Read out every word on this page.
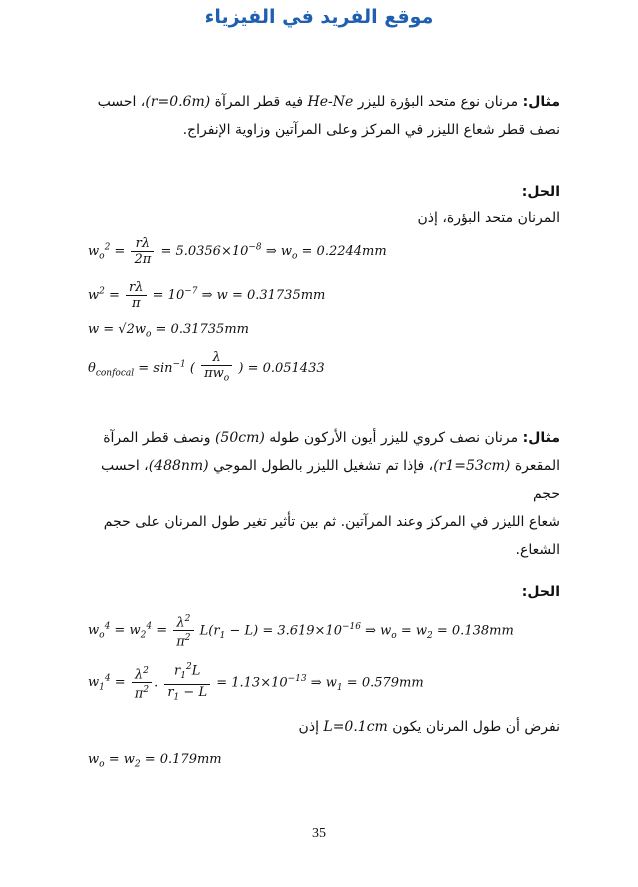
موقع الفريد في الفيزياء
مثال: مرنان نوع متحد البؤرة لليزر He-Ne فيه قطر المرآة (r=0.6m)، احسب
نصف قطر شعاع الليزر في المركز وعلى المرآتين وزاوية الإنفراج.
الحل:
المرنان متحد البؤرة، إذن
$w_o^2 = \frac{r\lambda}{2\pi} = 5.0356\times 10^{-8}$ ⇒ $w_o = 0.2244mm$
$w^2 = \frac{r\lambda}{\pi} = 10^{-7}$ ⇒ w = 0.31735mm
$w = √2w_o = 0.31735mm$
$\theta_{confocal} = \sin^{-1}$ ( $\frac{\lambda}{\pi w_o}$ ) = 0.051433
مثال: مرنان نصف كروي لليزر أيون الأركون طوله (50cm) ونصف قطر المرآة
المقعرة (r1=53cm)، فإذا تم تشغيل الليزر بالطول الموجي (488nm)، احسب حجم
شعاع الليزر في المركز وعند المرآتين. ثم بين تأثير تغير طول المرنان على حجم
الشعاع.
الحل:
$w_o^4 = w_2^4 = \frac{\lambda^2}{\pi^2} L(r_1 - L) = 3.619\times 10^{-16}$ ⇒ $w_o = w_2 = 0.138mm$
$w_1^4 = \frac{\lambda^2}{\pi^2}$ . $\frac{r_1^2L}{r_1 - L} = 1.13\times 10^{-13}$ ⇒ $w_1 = 0.579mm$
نفرض أن طول المرنان يكون L=0.1cm إذن
$w_o = w_2 = 0.179mm$
35
